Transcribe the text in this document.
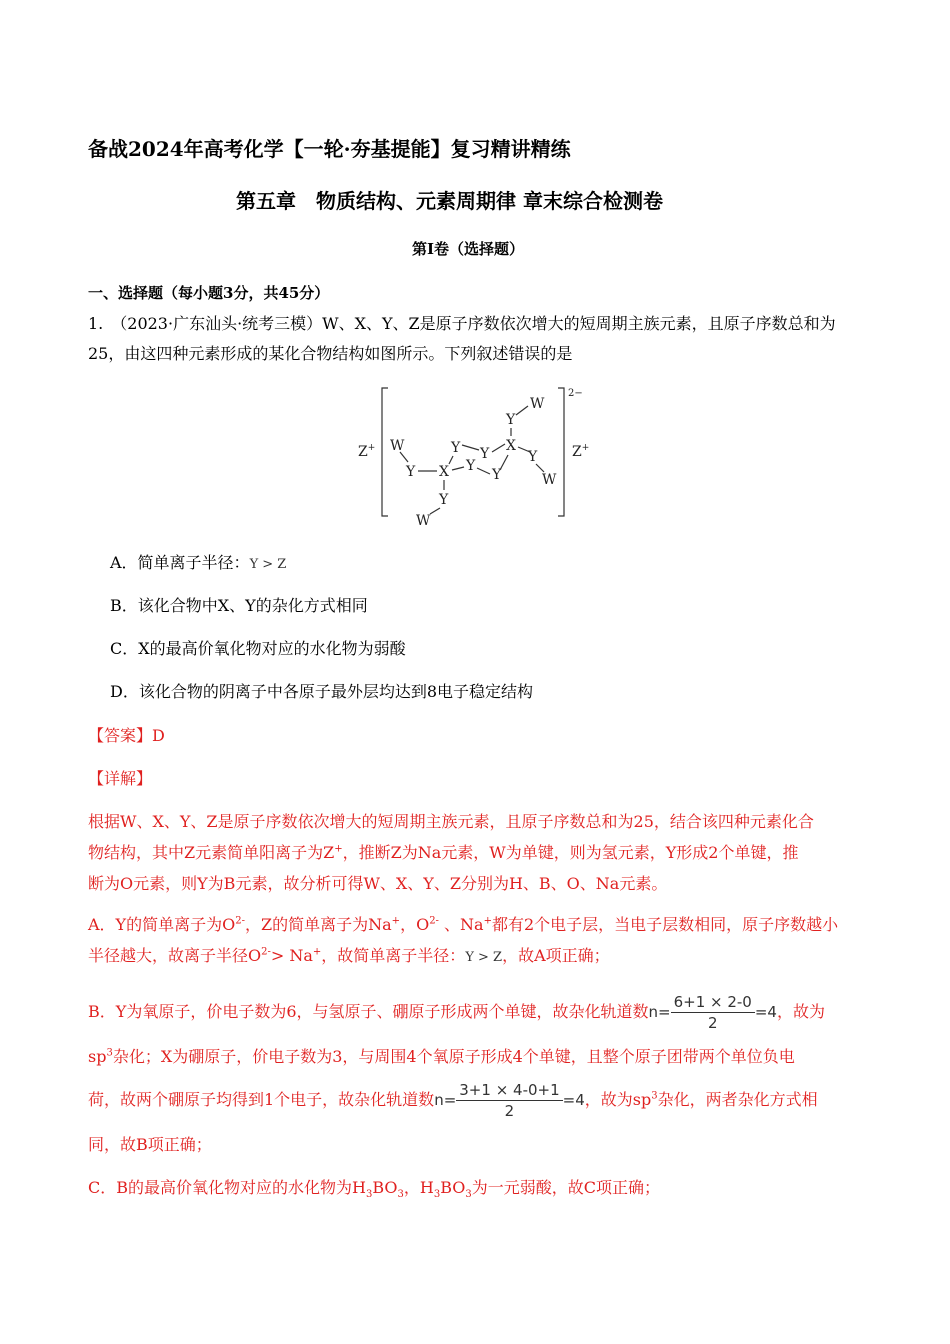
备战2024年高考化学【一轮·夯基提能】复习精讲精练
第五章　物质结构、元素周期律 章末综合检测卷
第I卷（选择题）
一、选择题（每小题3分，共45分）
1.　（2023·广东汕头·统考三模）W、X、Y、Z是原子序数依次增大的短周期主族元素，且原子序数总和为
25，由这四种元素形成的某化合物结构如图所示。下列叙述错误的是
2−
Z+	Z+
W
Y X
Y Y
Y
Y
X
Y
W
Y
W
Y
W
A．简单离子半径：Y > Z
B．该化合物中X、Y的杂化方式相同
C．X的最高价氧化物对应的水化物为弱酸
D．该化合物的阴离子中各原子最外层均达到8电子稳定结构
【答案】D
【详解】
根据W、X、Y、Z是原子序数依次增大的短周期主族元素，且原子序数总和为25，结合该四种元素化合
物结构，其中Z元素简单阳离子为Z+，推断Z为Na元素，W为单键，则为氢元素，Y形成2个单键，推
断为O元素，则Y为B元素，故分析可得W、X、Y、Z分别为H、B、O、Na元素。
A．Y的简单离子为$O^{2-}$，Z的简单离子为Na+，$O^{2-}$ 、Na+都有2个电子层，当电子层数相同，原子序数越小
半径越大，故离子半径$O^{2-}> Na^+$，故简单离子半径：Y > Z，故A项正确；
B．Y为氧原子，价电子数为6，与氢原子、硼原子形成两个单键，故杂化轨道数$n= \frac{6+1 \times 2-0}{2} =4$，故为
$sp^3$杂化；X为硼原子，价电子数为3，与周围4个氧原子形成4个单键，且整个原子团带两个单位负电
荷，故两个硼原子均得到1个电子，故杂化轨道数$n= \frac{3+1 \times 4-0+1}{2} =4$，故为$sp^3$杂化，两者杂化方式相
同，故B项正确；
C．B的最高价氧化物对应的水化物为$H_3BO_3$，$H_3BO_3$为一元弱酸，故C项正确；
